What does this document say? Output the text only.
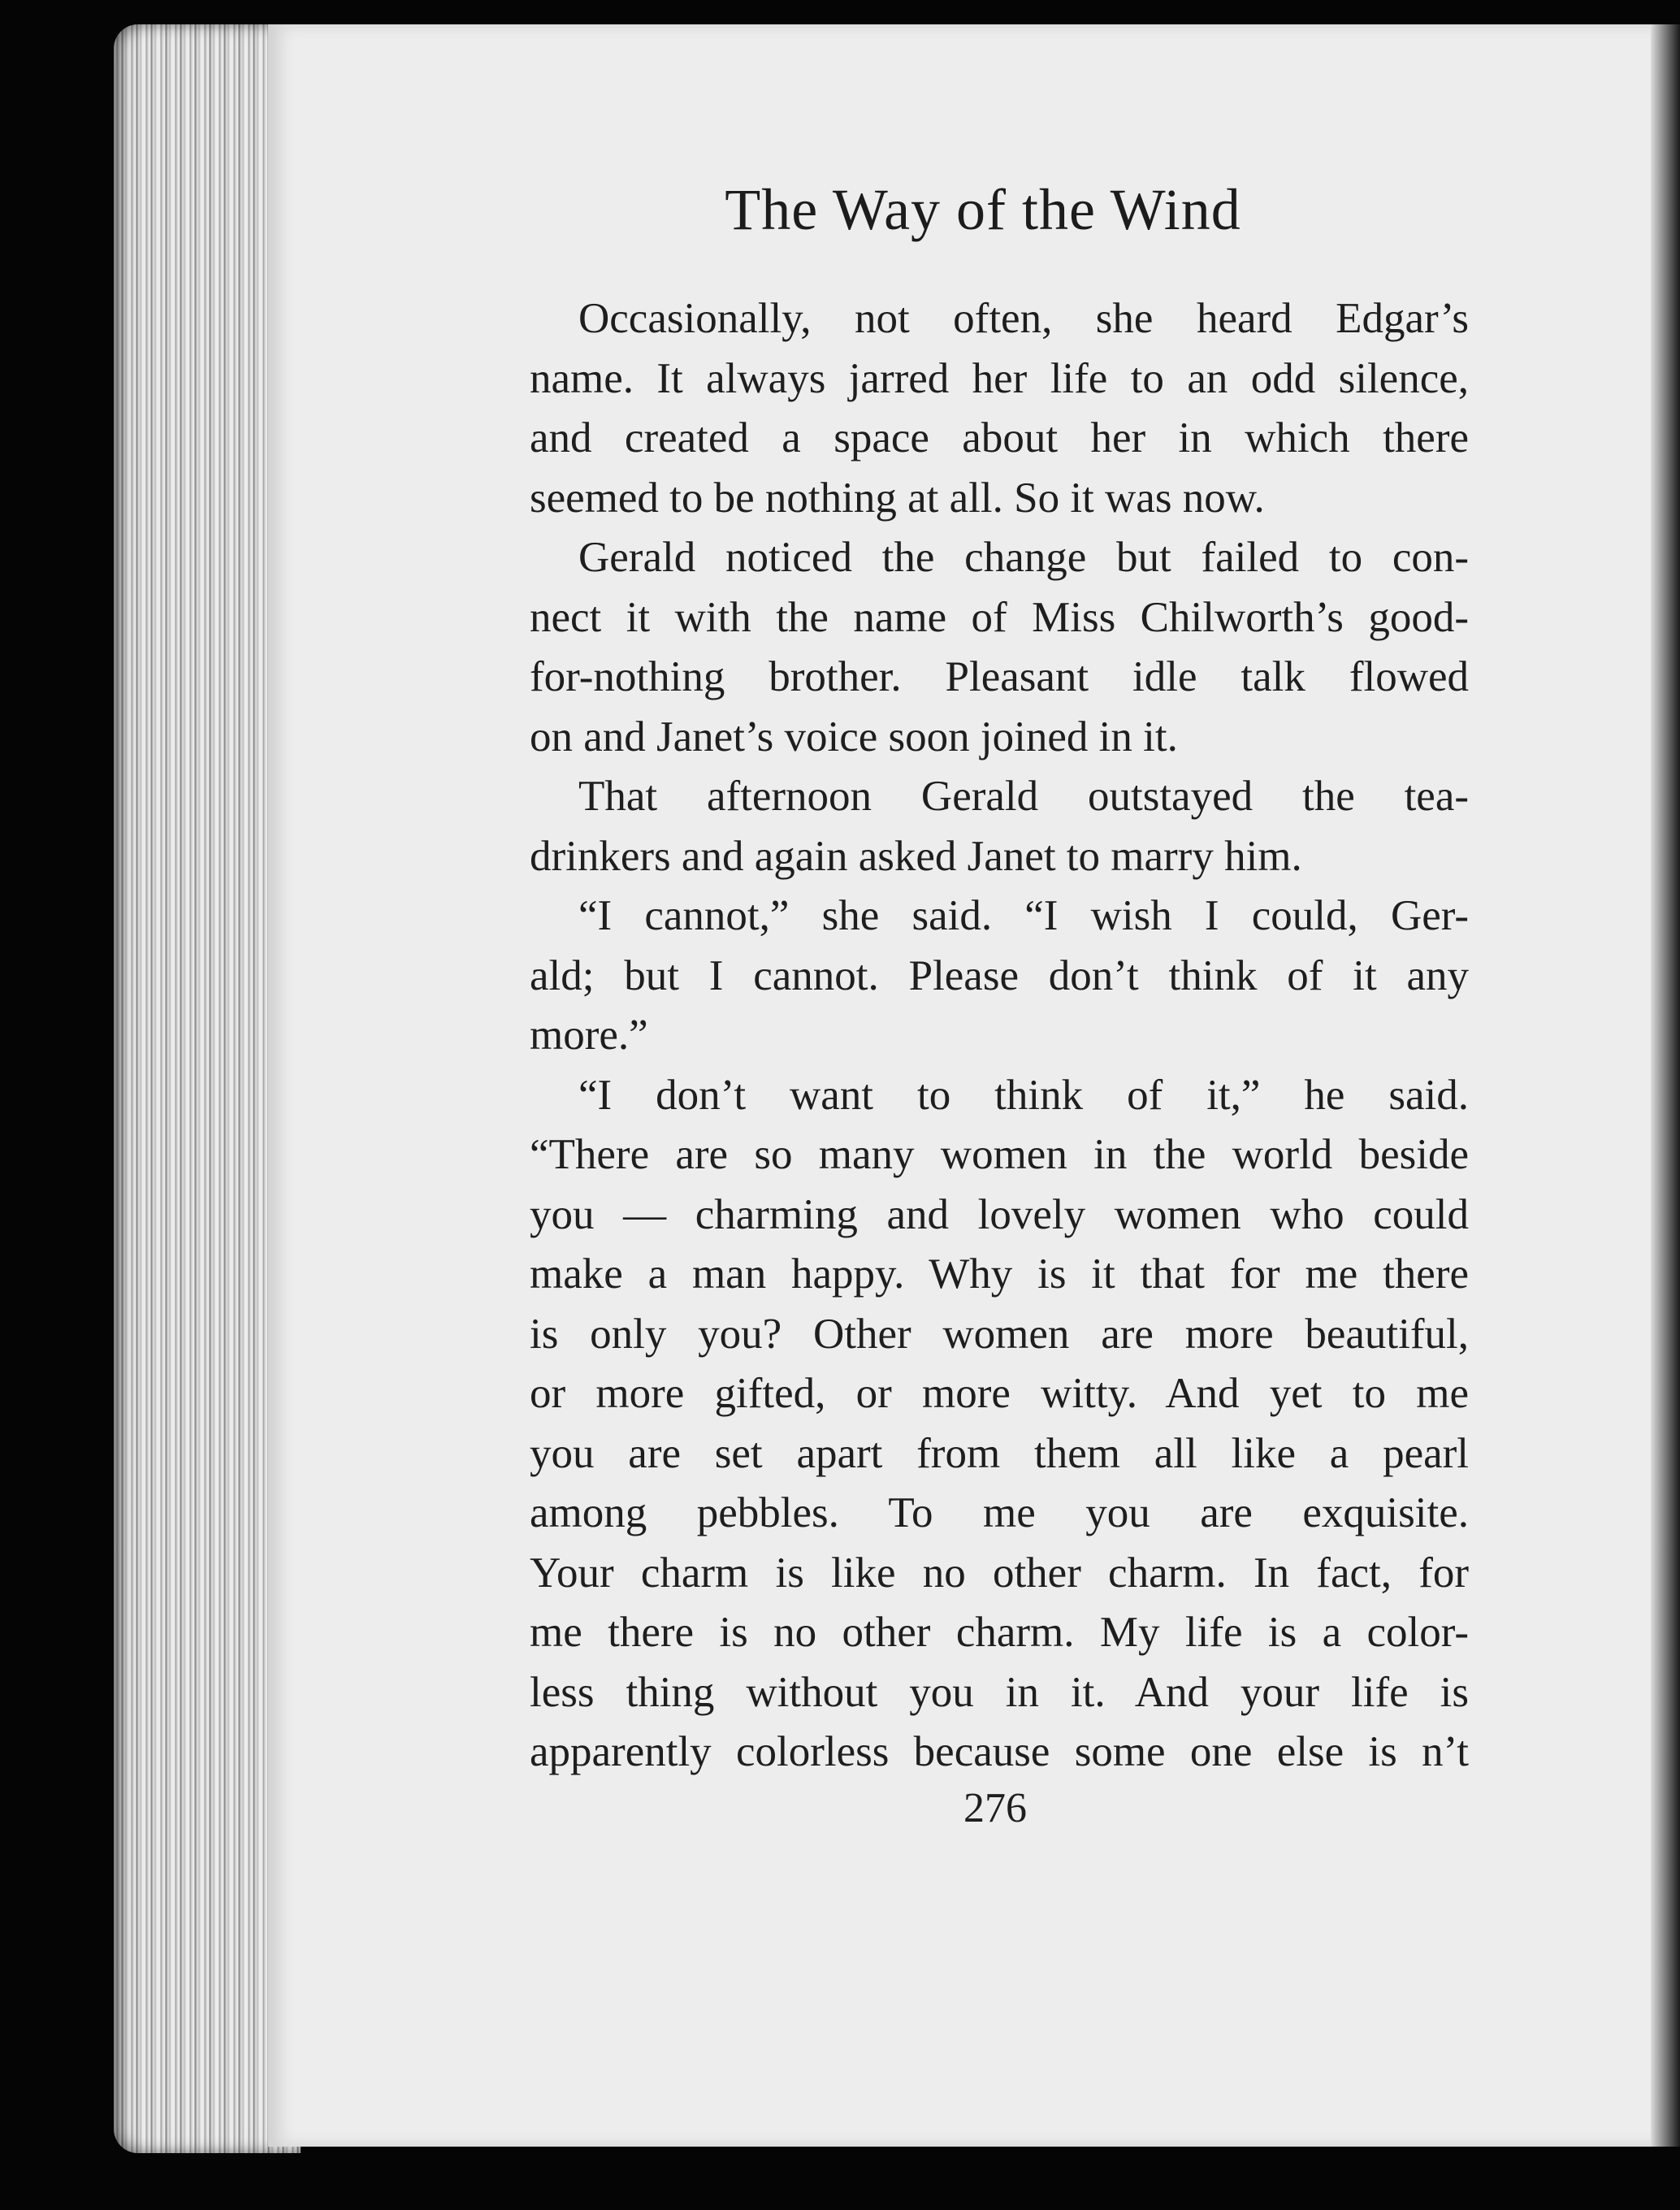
The Way of the Wind
Occasionally, not often, she heard Edgar’s
name. It always jarred her life to an odd silence,
and created a space about her in which there
seemed to be nothing at all. So it was now.
Gerald noticed the change but failed to con-
nect it with the name of Miss Chilworth’s good-
for-nothing brother. Pleasant idle talk flowed
on and Janet’s voice soon joined in it.
That afternoon Gerald outstayed the tea-
drinkers and again asked Janet to marry him.
“I cannot,” she said. “I wish I could, Ger-
ald; but I cannot. Please don’t think of it any
more.”
“I don’t want to think of it,” he said.
“There are so many women in the world beside
you — charming and lovely women who could
make a man happy. Why is it that for me there
is only you? Other women are more beautiful,
or more gifted, or more witty. And yet to me
you are set apart from them all like a pearl
among pebbles. To me you are exquisite.
Your charm is like no other charm. In fact, for
me there is no other charm. My life is a color-
less thing without you in it. And your life is
apparently colorless because some one else is n’t
276
